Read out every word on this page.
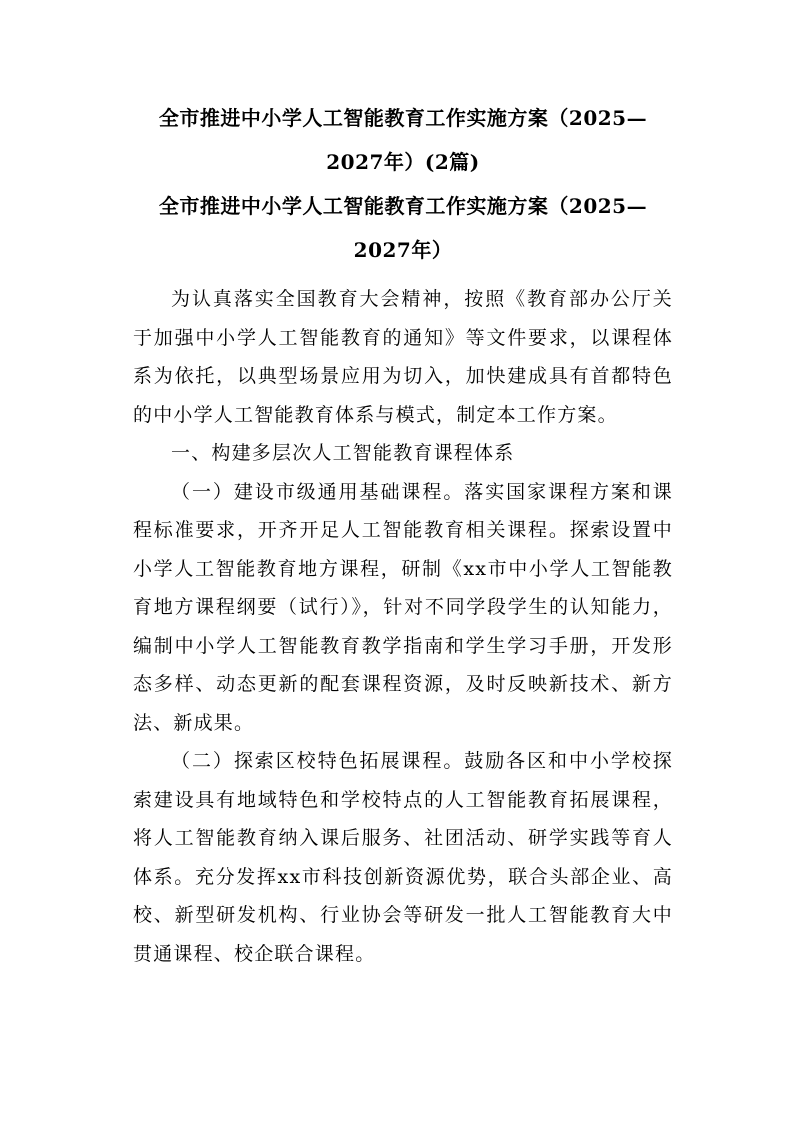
全市推进中小学人工智能教育工作实施方案（2025—2027年）(2篇)

全市推进中小学人工智能教育工作实施方案（2025—2027年）

为认真落实全国教育大会精神，按照《教育部办公厅关于加强中小学人工智能教育的通知》等文件要求，以课程体系为依托，以典型场景应用为切入，加快建成具有首都特色的中小学人工智能教育体系与模式，制定本工作方案。

一、构建多层次人工智能教育课程体系

（一）建设市级通用基础课程。落实国家课程方案和课程标准要求，开齐开足人工智能教育相关课程。探索设置中小学人工智能教育地方课程，研制《xx市中小学人工智能教育地方课程纲要（试行）》，针对不同学段学生的认知能力，编制中小学人工智能教育教学指南和学生学习手册，开发形态多样、动态更新的配套课程资源，及时反映新技术、新方法、新成果。

（二）探索区校特色拓展课程。鼓励各区和中小学校探索建设具有地域特色和学校特点的人工智能教育拓展课程，将人工智能教育纳入课后服务、社团活动、研学实践等育人体系。充分发挥xx市科技创新资源优势，联合头部企业、高校、新型研发机构、行业协会等研发一批人工智能教育大中贯通课程、校企联合课程。
